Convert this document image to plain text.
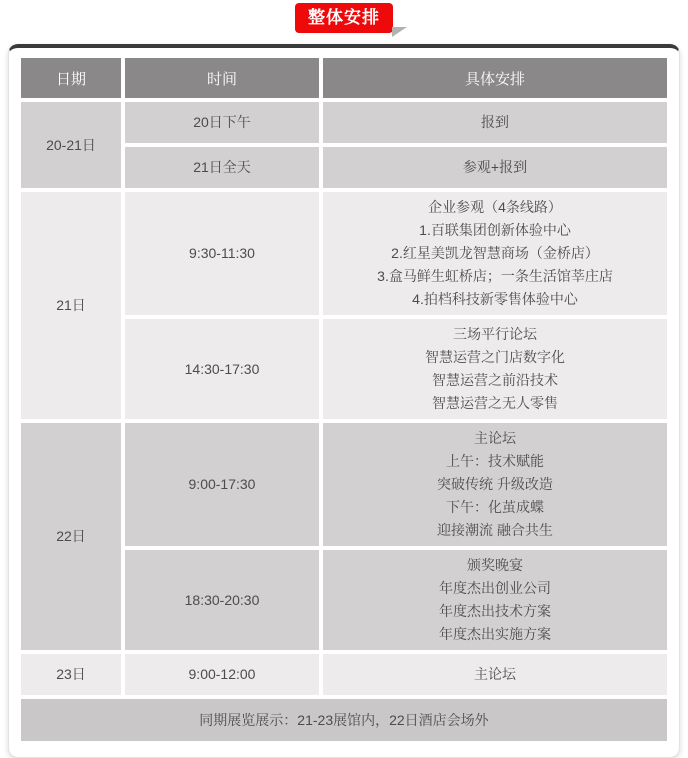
整体安排
日期	时间	具体安排
20-21日	20日下午	报到

	21日全天	参观+报到

21日	9:30-11:30	企业参观（4条线路）
1.百联集团创新体验中心
2.红星美凯龙智慧商场（金桥店）
3.盒马鲜生虹桥店；一条生活馆莘庄店
4.拍档科技新零售体验中心

	14:30-17:30	三场平行论坛
智慧运营之门店数字化
智慧运营之前沿技术
智慧运营之无人零售

22日	9:00-17:30	主论坛
上午：技术赋能
突破传统 升级改造
下午：化茧成蝶
迎接潮流 融合共生

	18:30-20:30	颁奖晚宴
年度杰出创业公司
年度杰出技术方案
年度杰出实施方案

23日	9:00-12:00	主论坛

同期展览展示：21-23展馆内，22日酒店会场外		
